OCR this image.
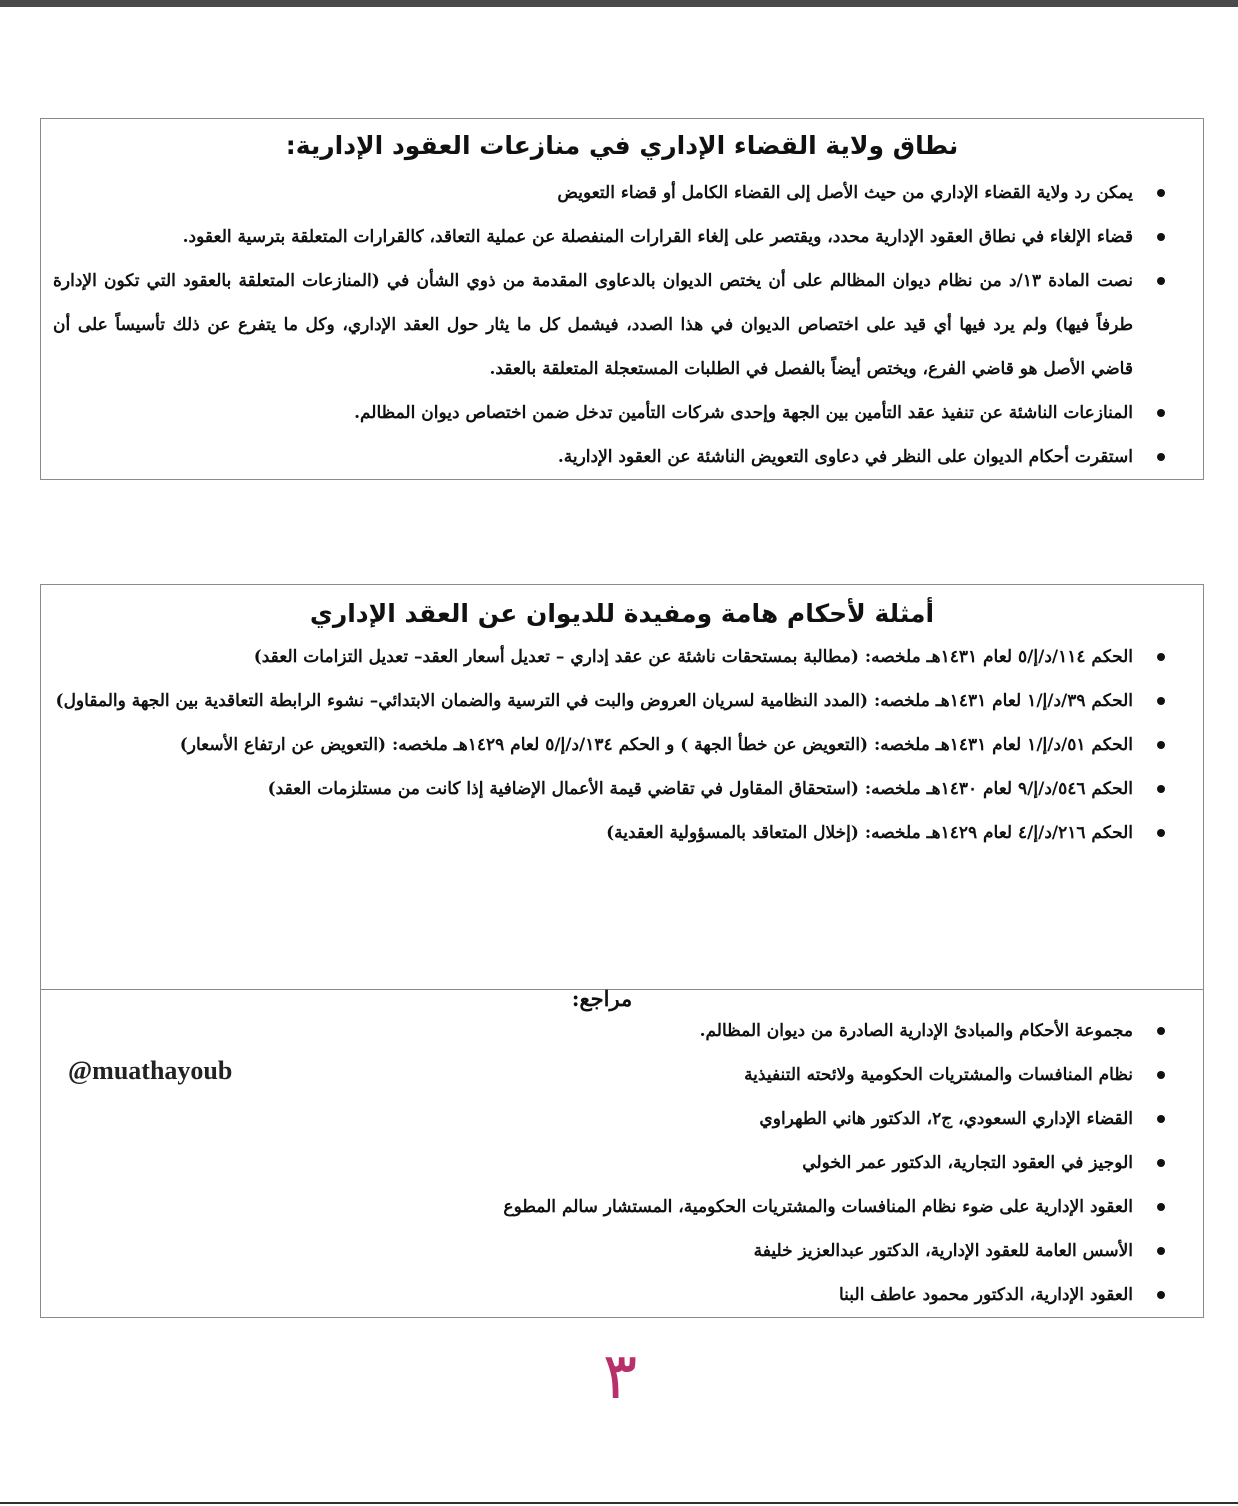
نطاق ولاية القضاء الإداري في منازعات العقود الإدارية:
يمكن رد ولاية القضاء الإداري من حيث الأصل إلى القضاء الكامل أو قضاء التعويض
قضاء الإلغاء في نطاق العقود الإدارية محدد، ويقتصر على إلغاء القرارات المنفصلة عن عملية التعاقد، كالقرارات المتعلقة بترسية العقود.
نصت المادة ١٣/د من نظام ديوان المظالم على أن يختص الديوان بالدعاوى المقدمة من ذوي الشأن في (المنازعات المتعلقة بالعقود التي تكون الإدارة طرفاً فيها) ولم يرد فيها أي قيد على اختصاص الديوان في هذا الصدد، فيشمل كل ما يثار حول العقد الإداري، وكل ما يتفرع عن ذلك تأسيساً على أن قاضي الأصل هو قاضي الفرع، ويختص أيضاً بالفصل في الطلبات المستعجلة المتعلقة بالعقد.
المنازعات الناشئة عن تنفيذ عقد التأمين بين الجهة وإحدى شركات التأمين تدخل ضمن اختصاص ديوان المظالم.
استقرت أحكام الديوان على النظر في دعاوى التعويض الناشئة عن العقود الإدارية.
أمثلة لأحكام هامة ومفيدة للديوان عن العقد الإداري
الحكم ١١٤/د/إ/٥ لعام ١٤٣١هـ ملخصه: (مطالبة بمستحقات ناشئة عن عقد إداري – تعديل أسعار العقد– تعديل التزامات العقد)
الحكم ٣٩/د/إ/١ لعام ١٤٣١هـ ملخصه: (المدد النظامية لسريان العروض والبت في الترسية والضمان الابتدائي– نشوء الرابطة التعاقدية بين الجهة والمقاول)
الحكم ٥١/د/إ/١ لعام ١٤٣١هـ ملخصه: (التعويض عن خطأ الجهة ) و الحكم ١٣٤/د/إ/٥ لعام ١٤٢٩هـ ملخصه: (التعويض عن ارتفاع الأسعار)
الحكم ٥٤٦/د/إ/٩ لعام ١٤٣٠هـ ملخصه: (استحقاق المقاول في تقاضي قيمة الأعمال الإضافية إذا كانت من مستلزمات العقد)
الحكم ٢١٦/د/إ/٤ لعام ١٤٢٩هـ ملخصه: (إخلال المتعاقد بالمسؤولية العقدية)
مراجع:
مجموعة الأحكام والمبادئ الإدارية الصادرة من ديوان المظالم.
نظام المنافسات والمشتريات الحكومية ولائحته التنفيذية
القضاء الإداري السعودي، ج٢، الدكتور هاني الطهراوي
الوجيز في العقود التجارية، الدكتور عمر الخولي
العقود الإدارية على ضوء نظام المنافسات والمشتريات الحكومية، المستشار سالم المطوع
الأسس العامة للعقود الإدارية، الدكتور عبدالعزيز خليفة
العقود الإدارية، الدكتور محمود عاطف البنا
@muathayoub
٣
